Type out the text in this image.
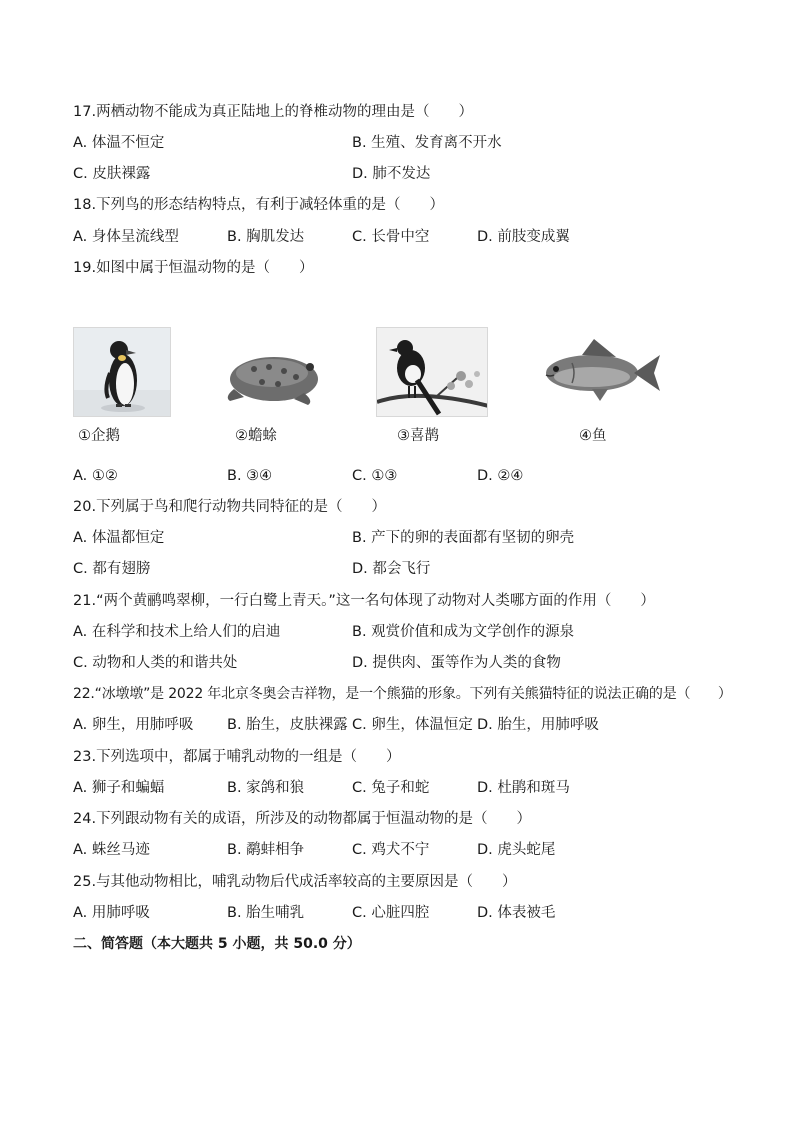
17.两栖动物不能成为真正陆地上的脊椎动物的理由是（　　）
A. 体温不恒定	B. 生殖、发育离不开水
C. 皮肤裸露	D. 肺不发达
18.下列鸟的形态结构特点，有利于减轻体重的是（　　）
A. 身体呈流线型	B. 胸肌发达	C. 长骨中空	D. 前肢变成翼
19.如图中属于恒温动物的是（　　）
①企鹅	②蟾蜍	③喜鹊	④鱼
A. ①②	B. ③④	C. ①③	D. ②④
20.下列属于鸟和爬行动物共同特征的是（　　）
A. 体温都恒定	B. 产下的卵的表面都有坚韧的卵壳
C. 都有翅膀	D. 都会飞行
21.“两个黄鹂鸣翠柳，一行白鹭上青天。”这一名句体现了动物对人类哪方面的作用（　　）
A. 在科学和技术上给人们的启迪	B. 观赏价值和成为文学创作的源泉
C. 动物和人类的和谐共处	D. 提供肉、蛋等作为人类的食物
22.“冰墩墩”是 2022 年北京冬奥会吉祥物，是一个熊猫的形象。下列有关熊猫特征的说法正确的是（　　）
A. 卵生，用肺呼吸 B. 胎生，皮肤裸露 C. 卵生，体温恒定 D. 胎生，用肺呼吸
23.下列选项中，都属于哺乳动物的一组是（　　）
A. 狮子和蝙蝠	B. 家鸽和狼	C. 兔子和蛇	D. 杜鹃和斑马
24.下列跟动物有关的成语，所涉及的动物都属于恒温动物的是（　　）
A. 蛛丝马迹	B. 鹬蚌相争	C. 鸡犬不宁	D. 虎头蛇尾
25.与其他动物相比，哺乳动物后代成活率较高的主要原因是（　　）
A. 用肺呼吸	B. 胎生哺乳	C. 心脏四腔	D. 体表被毛
二、简答题（本大题共 5 小题，共 50.0 分）
